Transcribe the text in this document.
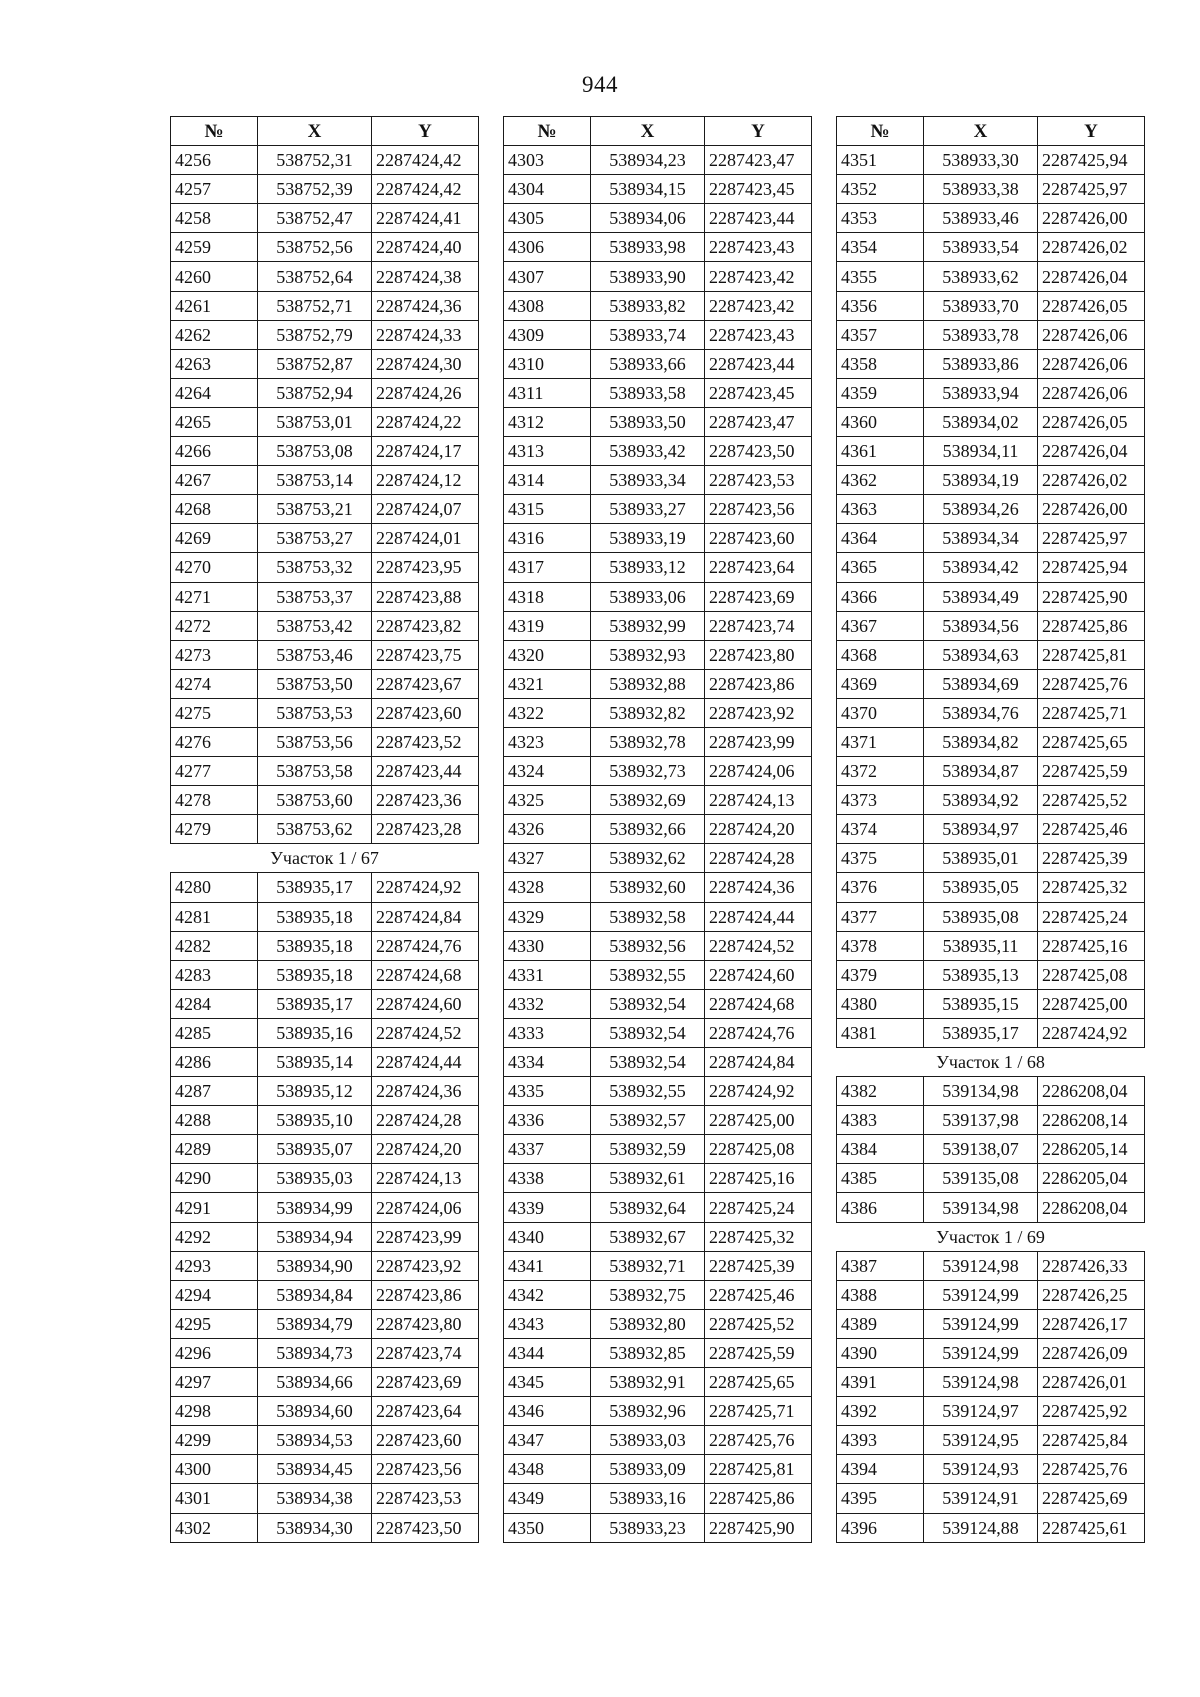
944
№	X	Y
4256	538752,31	2287424,42
4257	538752,39	2287424,42
4258	538752,47	2287424,41
4259	538752,56	2287424,40
4260	538752,64	2287424,38
4261	538752,71	2287424,36
4262	538752,79	2287424,33
4263	538752,87	2287424,30
4264	538752,94	2287424,26
4265	538753,01	2287424,22
4266	538753,08	2287424,17
4267	538753,14	2287424,12
4268	538753,21	2287424,07
4269	538753,27	2287424,01
4270	538753,32	2287423,95
4271	538753,37	2287423,88
4272	538753,42	2287423,82
4273	538753,46	2287423,75
4274	538753,50	2287423,67
4275	538753,53	2287423,60
4276	538753,56	2287423,52
4277	538753,58	2287423,44
4278	538753,60	2287423,36
4279	538753,62	2287423,28
Участок 1 / 67		
4280	538935,17	2287424,92
4281	538935,18	2287424,84
4282	538935,18	2287424,76
4283	538935,18	2287424,68
4284	538935,17	2287424,60
4285	538935,16	2287424,52
4286	538935,14	2287424,44
4287	538935,12	2287424,36
4288	538935,10	2287424,28
4289	538935,07	2287424,20
4290	538935,03	2287424,13
4291	538934,99	2287424,06
4292	538934,94	2287423,99
4293	538934,90	2287423,92
4294	538934,84	2287423,86
4295	538934,79	2287423,80
4296	538934,73	2287423,74
4297	538934,66	2287423,69
4298	538934,60	2287423,64
4299	538934,53	2287423,60
4300	538934,45	2287423,56
4301	538934,38	2287423,53
4302	538934,30	2287423,50
№	X	Y
4303	538934,23	2287423,47
4304	538934,15	2287423,45
4305	538934,06	2287423,44
4306	538933,98	2287423,43
4307	538933,90	2287423,42
4308	538933,82	2287423,42
4309	538933,74	2287423,43
4310	538933,66	2287423,44
4311	538933,58	2287423,45
4312	538933,50	2287423,47
4313	538933,42	2287423,50
4314	538933,34	2287423,53
4315	538933,27	2287423,56
4316	538933,19	2287423,60
4317	538933,12	2287423,64
4318	538933,06	2287423,69
4319	538932,99	2287423,74
4320	538932,93	2287423,80
4321	538932,88	2287423,86
4322	538932,82	2287423,92
4323	538932,78	2287423,99
4324	538932,73	2287424,06
4325	538932,69	2287424,13
4326	538932,66	2287424,20
4327	538932,62	2287424,28
4328	538932,60	2287424,36
4329	538932,58	2287424,44
4330	538932,56	2287424,52
4331	538932,55	2287424,60
4332	538932,54	2287424,68
4333	538932,54	2287424,76
4334	538932,54	2287424,84
4335	538932,55	2287424,92
4336	538932,57	2287425,00
4337	538932,59	2287425,08
4338	538932,61	2287425,16
4339	538932,64	2287425,24
4340	538932,67	2287425,32
4341	538932,71	2287425,39
4342	538932,75	2287425,46
4343	538932,80	2287425,52
4344	538932,85	2287425,59
4345	538932,91	2287425,65
4346	538932,96	2287425,71
4347	538933,03	2287425,76
4348	538933,09	2287425,81
4349	538933,16	2287425,86
4350	538933,23	2287425,90
№	X	Y
4351	538933,30	2287425,94
4352	538933,38	2287425,97
4353	538933,46	2287426,00
4354	538933,54	2287426,02
4355	538933,62	2287426,04
4356	538933,70	2287426,05
4357	538933,78	2287426,06
4358	538933,86	2287426,06
4359	538933,94	2287426,06
4360	538934,02	2287426,05
4361	538934,11	2287426,04
4362	538934,19	2287426,02
4363	538934,26	2287426,00
4364	538934,34	2287425,97
4365	538934,42	2287425,94
4366	538934,49	2287425,90
4367	538934,56	2287425,86
4368	538934,63	2287425,81
4369	538934,69	2287425,76
4370	538934,76	2287425,71
4371	538934,82	2287425,65
4372	538934,87	2287425,59
4373	538934,92	2287425,52
4374	538934,97	2287425,46
4375	538935,01	2287425,39
4376	538935,05	2287425,32
4377	538935,08	2287425,24
4378	538935,11	2287425,16
4379	538935,13	2287425,08
4380	538935,15	2287425,00
4381	538935,17	2287424,92
Участок 1 / 68		
4382	539134,98	2286208,04
4383	539137,98	2286208,14
4384	539138,07	2286205,14
4385	539135,08	2286205,04
4386	539134,98	2286208,04
Участок 1 / 69		
4387	539124,98	2287426,33
4388	539124,99	2287426,25
4389	539124,99	2287426,17
4390	539124,99	2287426,09
4391	539124,98	2287426,01
4392	539124,97	2287425,92
4393	539124,95	2287425,84
4394	539124,93	2287425,76
4395	539124,91	2287425,69
4396	539124,88	2287425,61
